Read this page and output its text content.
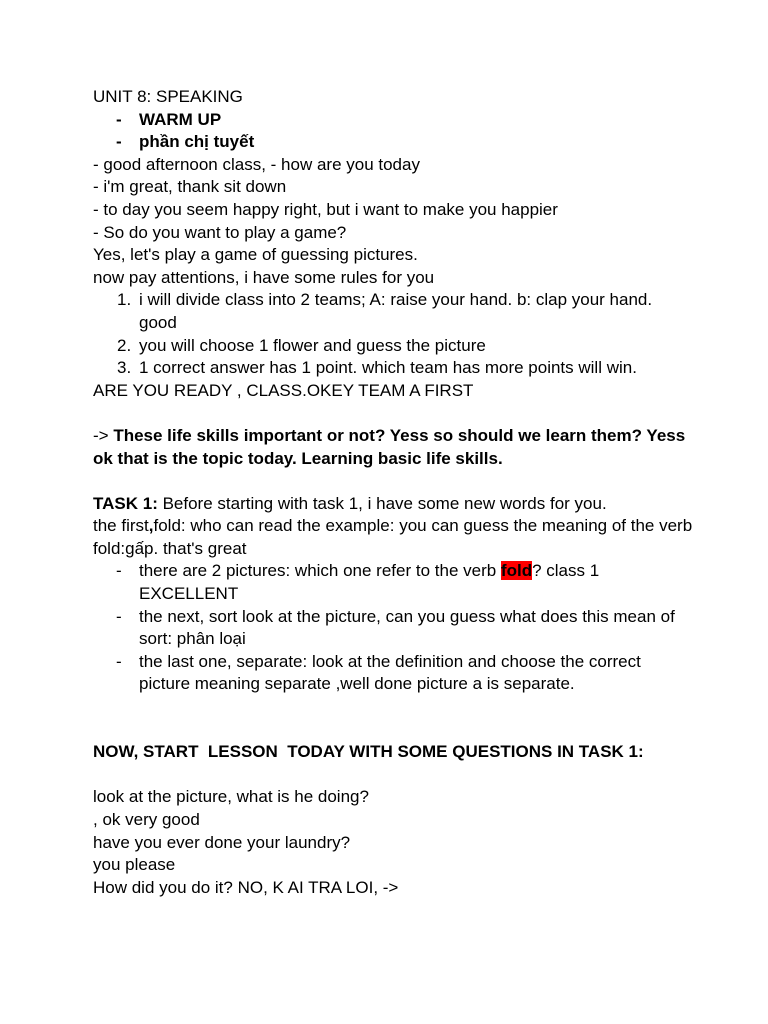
UNIT 8: SPEAKING

- WARM UP
- phần chị tuyết

- good afternoon class, - how are you today

- i'm great, thank sit down

- to day you seem happy right, but i want to make you happier

- So do you want to play a game?

Yes, let's play a game of guessing pictures.

now pay attentions, i have some rules for you

1. i will divide class into 2 teams; A: raise your hand. b: clap your hand. good
2. you will choose 1 flower and guess the picture
3. 1 correct answer has 1 point. which team has more points will win.

ARE YOU READY , CLASS.OKEY TEAM A FIRST

-> These life skills important or not? Yess so should we learn them? Yess ok that is the topic today. Learning basic life skills.

TASK 1: Before starting with task 1, i have some new words for you.

the first,fold: who can read the example: you can guess the meaning of the verb fold:gấp. that's great

- there are 2 pictures: which one refer to the verb fold? class 1 EXCELLENT
- the next, sort look at the picture, can you guess what does this mean of sort: phân loại
- the last one, separate: look at the definition and choose the correct picture meaning separate ,well done picture a is separate.

NOW, START  LESSON  TODAY WITH SOME QUESTIONS IN TASK 1:

look at the picture, what is he doing?

, ok very good

have you ever done your laundry?

you please

How did you do it? NO, K AI TRA LOI, ->
